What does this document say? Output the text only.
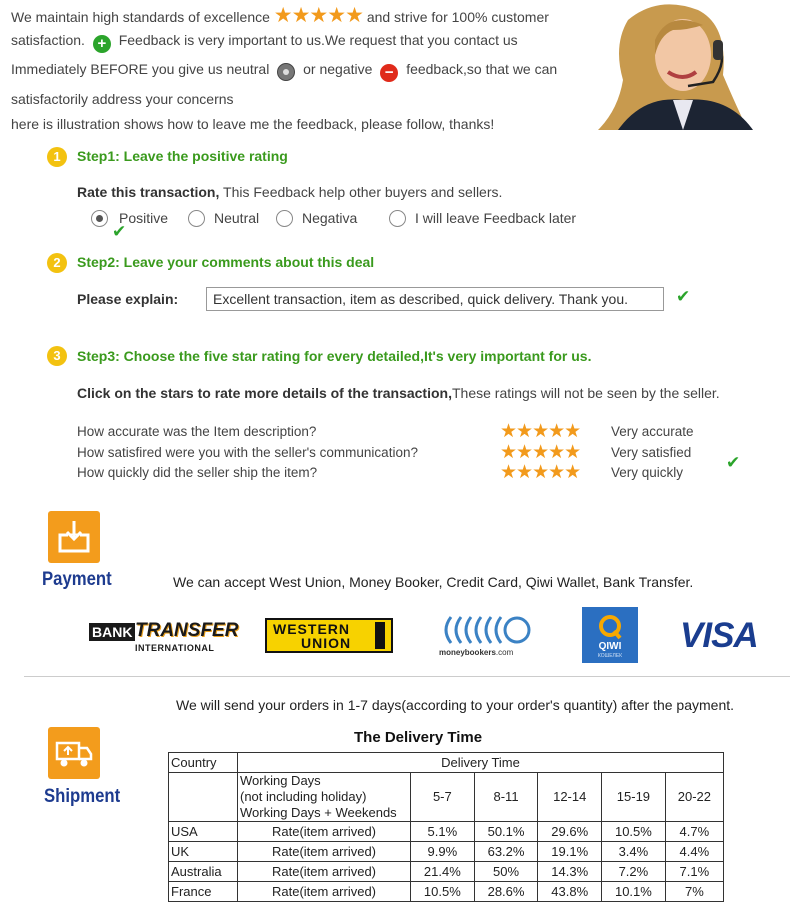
We maintain high standards of excellence ★★★★★ and strive for 100% customer
satisfaction. + Feedback is very important to us.We request that you contact us
Immediately BEFORE you give us neutral or negative − feedback,so that we can
satisfactorily address your concerns
here is illustration shows how to leave me the feedback, please follow, thanks!
1	Step1: Leave the positive rating
Rate this transaction, This Feedback help other buyers and sellers.
Positive
✔
Neutral	Negativa	I will leave Feedback later
2	Step2: Leave your comments about this deal
Please explain:	Excellent transaction, item as described, quick delivery. Thank you.	✔
3	Step3: Choose the five star rating for every detailed,It's very important for us.
Click on the stars to rate more details of the transaction,These ratings will not be seen by the seller.
How accurate was the Item description?	★★★★★ Very accurate
How satisfired were you with the seller's communication?	★★★★★ Very satisfied
How quickly did the seller ship the item?	★★★★★ Very quickly
✔
Payment	We can accept West Union, Money Booker, Credit Card, Qiwi Wallet, Bank Transfer.
BANK TRANSFER
INTERNATIONAL
WESTERN
UNION
moneybookers.com
QIWI
КОШЕЛЕК
VISA
We will send your orders in 1-7 days(according to your order's quantity) after the payment.
Shipment
The Delivery Time
Country	Delivery Time					

	Working Days
(not including holiday)
Working Days + Weekends	5-7	8-11	12-14	15-19	20-22
USA	Rate(item arrived)	5.1%	50.1%	29.6%	10.5%	4.7%
UK	Rate(item arrived)	9.9%	63.2%	19.1%	3.4%	4.4%
Australia	Rate(item arrived)	21.4%	50%	14.3%	7.2%	7.1%
France	Rate(item arrived)	10.5%	28.6%	43.8%	10.1%	7%
